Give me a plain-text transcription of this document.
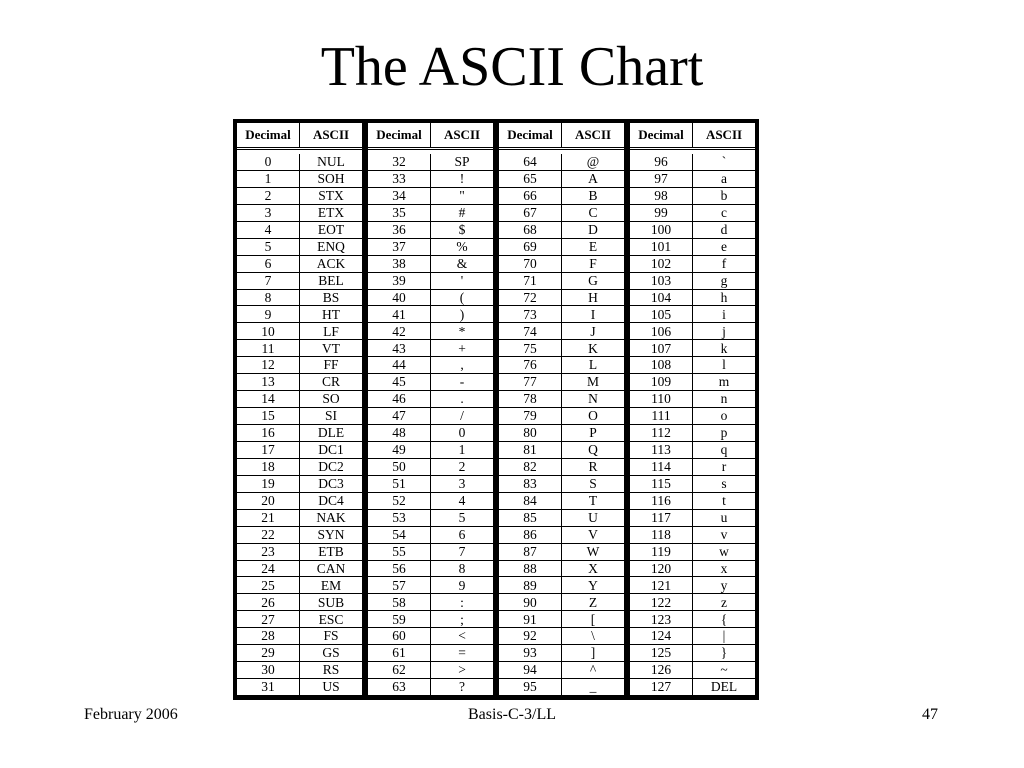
The ASCII Chart
Decimal	ASCII
0	NUL
1	SOH
2	STX
3	ETX
4	EOT
5	ENQ
6	ACK
7	BEL
8	BS
9	HT
10	LF
11	VT
12	FF
13	CR
14	SO
15	SI
16	DLE
17	DC1
18	DC2
19	DC3
20	DC4
21	NAK
22	SYN
23	ETB
24	CAN
25	EM
26	SUB
27	ESC
28	FS
29	GS
30	RS
31	US
Decimal	ASCII
32	SP
33	!
34	"
35	#
36	$
37	%
38	&
39	'
40	(
41	)
42	*
43	+
44	,
45	-
46	.
47	/
48	0
49	1
50	2
51	3
52	4
53	5
54	6
55	7
56	8
57	9
58	:
59	;
60	<
61	=
62	>
63	?
Decimal	ASCII
64	@
65	A
66	B
67	C
68	D
69	E
70	F
71	G
72	H
73	I
74	J
75	K
76	L
77	M
78	N
79	O
80	P
81	Q
82	R
83	S
84	T
85	U
86	V
87	W
88	X
89	Y
90	Z
91	[
92	\
93	]
94	^
95	_
Decimal	ASCII
96	`
97	a
98	b
99	c
100	d
101	e
102	f
103	g
104	h
105	i
106	j
107	k
108	l
109	m
110	n
111	o
112	p
113	q
114	r
115	s
116	t
117	u
118	v
119	w
120	x
121	y
122	z
123	{
124	|
125	}
126	~
127	DEL
February 2006	Basis-C-3/LL	47
